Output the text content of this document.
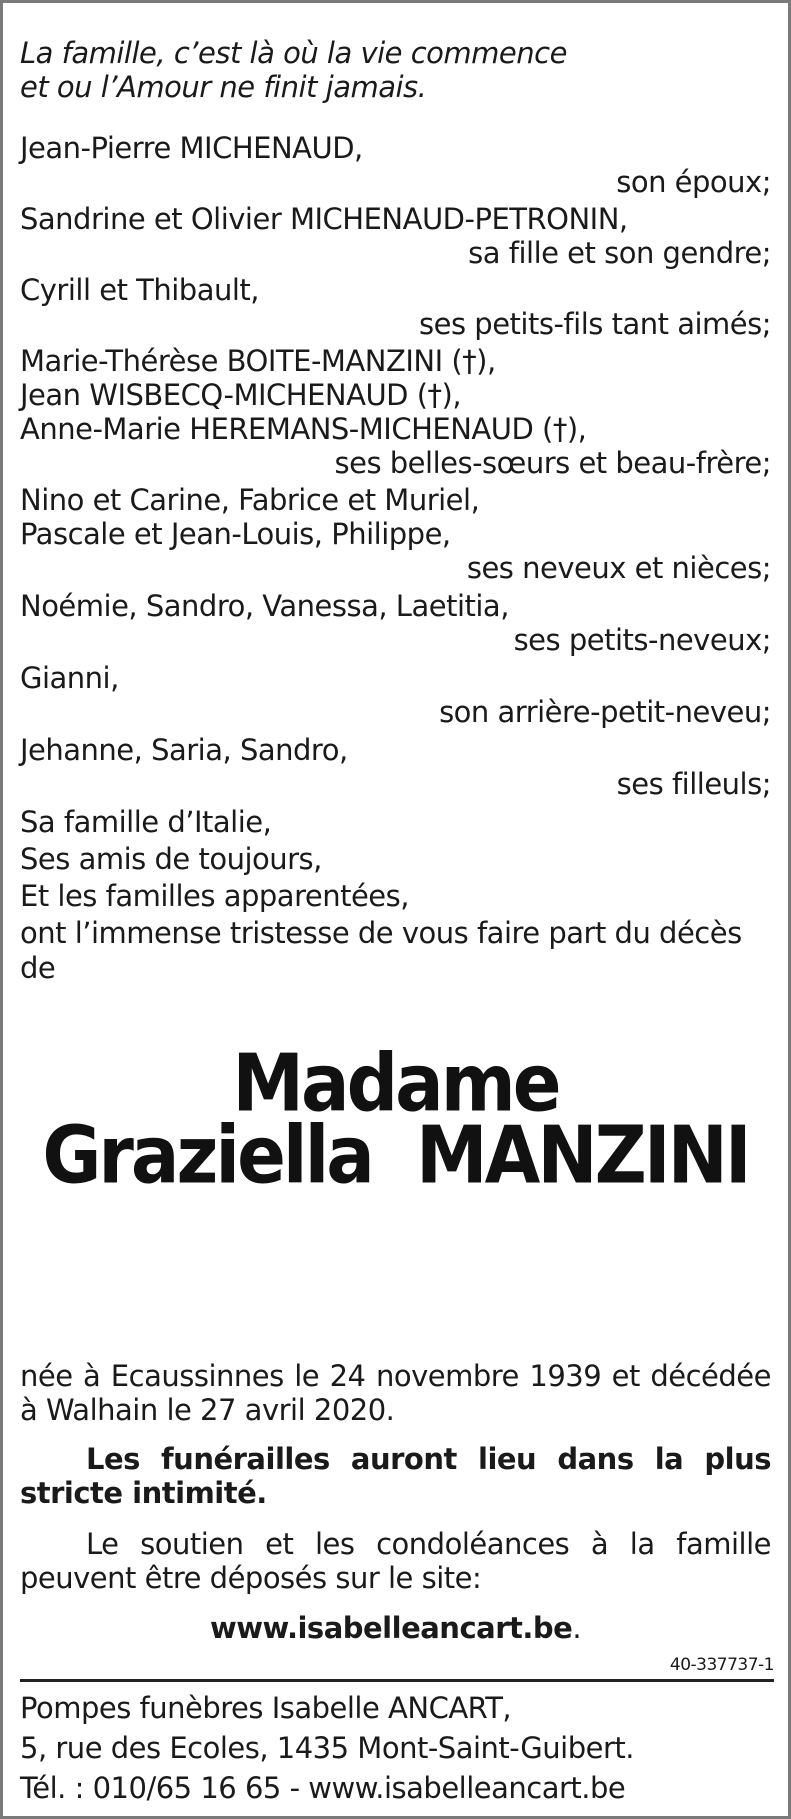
La famille, c’est là où la vie commence
et ou l’Amour ne finit jamais.
Jean-Pierre MICHENAUD,
son époux;
Sandrine et Olivier MICHENAUD-PETRONIN,
sa fille et son gendre;
Cyrill et Thibault,
ses petits-fils tant aimés;
Marie-Thérèse BOITE-MANZINI (†),
Jean WISBECQ-MICHENAUD (†),
Anne-Marie HEREMANS-MICHENAUD (†),
ses belles-sœurs et beau-frère;
Nino et Carine, Fabrice et Muriel,
Pascale et Jean-Louis, Philippe,
ses neveux et nièces;
Noémie, Sandro, Vanessa, Laetitia,
ses petits-neveux;
Gianni,
son arrière-petit-neveu;
Jehanne, Saria, Sandro,
ses filleuls;
Sa famille d’Italie,
Ses amis de toujours,
Et les familles apparentées,
ont l’immense tristesse de vous faire part du décès
de
Madame
Graziella  MANZINI
née à Ecaussinnes le 24 novembre 1939 et décédée à Walhain le 27 avril 2020.
Les funérailles auront lieu dans la plus stricte intimité.
Le soutien et les condoléances à la famille peuvent être déposés sur le site:
www.isabelleancart.be.
40-337737-1
Pompes funèbres Isabelle ANCART,
5, rue des Ecoles, 1435 Mont-Saint-Guibert.
Tél. : 010/65 16 65 - www.isabelleancart.be
